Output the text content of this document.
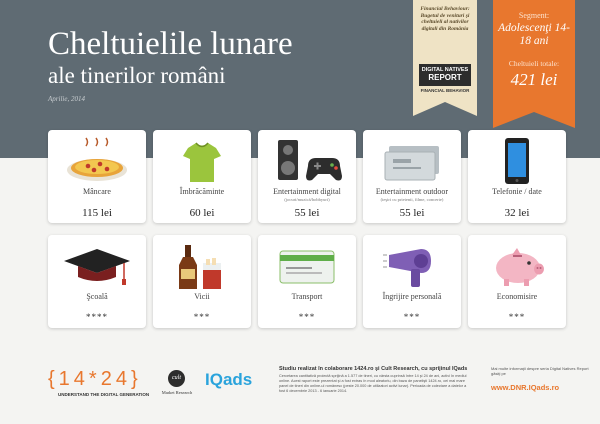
Cheltuielile lunare
ale tinerilor români
Aprilie, 2014
Financial Behaviour: Bugetul de venituri şi cheltuieli al nativilor digitali din România
DIGITAL NATIVES
REPORT
FINANCIAL BEHAVIOR
Segment:
Adolescenţi 14-18 ani
Cheltuieli totale:
421 lei
Mâncare
115 lei
Îmbrăcăminte
60 lei
Entertainment digital
(jocuri/muzică/hobbyuri)
55 lei
Entertainment outdoor
(ieşiri cu prietenii, filme, concerte)
55 lei
Telefonie / date
32 lei
Şcoală
****
Vicii
***
Transport
***
Îngrijire personală
***
Economisire
***
{14*24}
UNDERSTAND THE DIGITAL GENERATION
cult
Market Research
IQads
Studiu realizat în colaborare 1424.ro şi Cult Research, cu sprijinul IQads
Cercetarea cantitativă proiectă sprijină a 1.577 de tineri, cu vârsta cuprinsă între 14 şi 24 de ani, activi în mediul online. Acest raport este prezentat şi a fost extras în mod aleatoriu, din baza de panelişti 1424.ro, cei mai mare panel de tineri din online-ul românesc (peste 20.000 de utilizatori activi lunar). Perioada de colectare a datelor a fost 6 decembrie 2013 - 6 ianuarie 2014.
Mai multe informaţii despre seria Digital Natives Report găsiţi pe
www.DNR.IQads.ro
